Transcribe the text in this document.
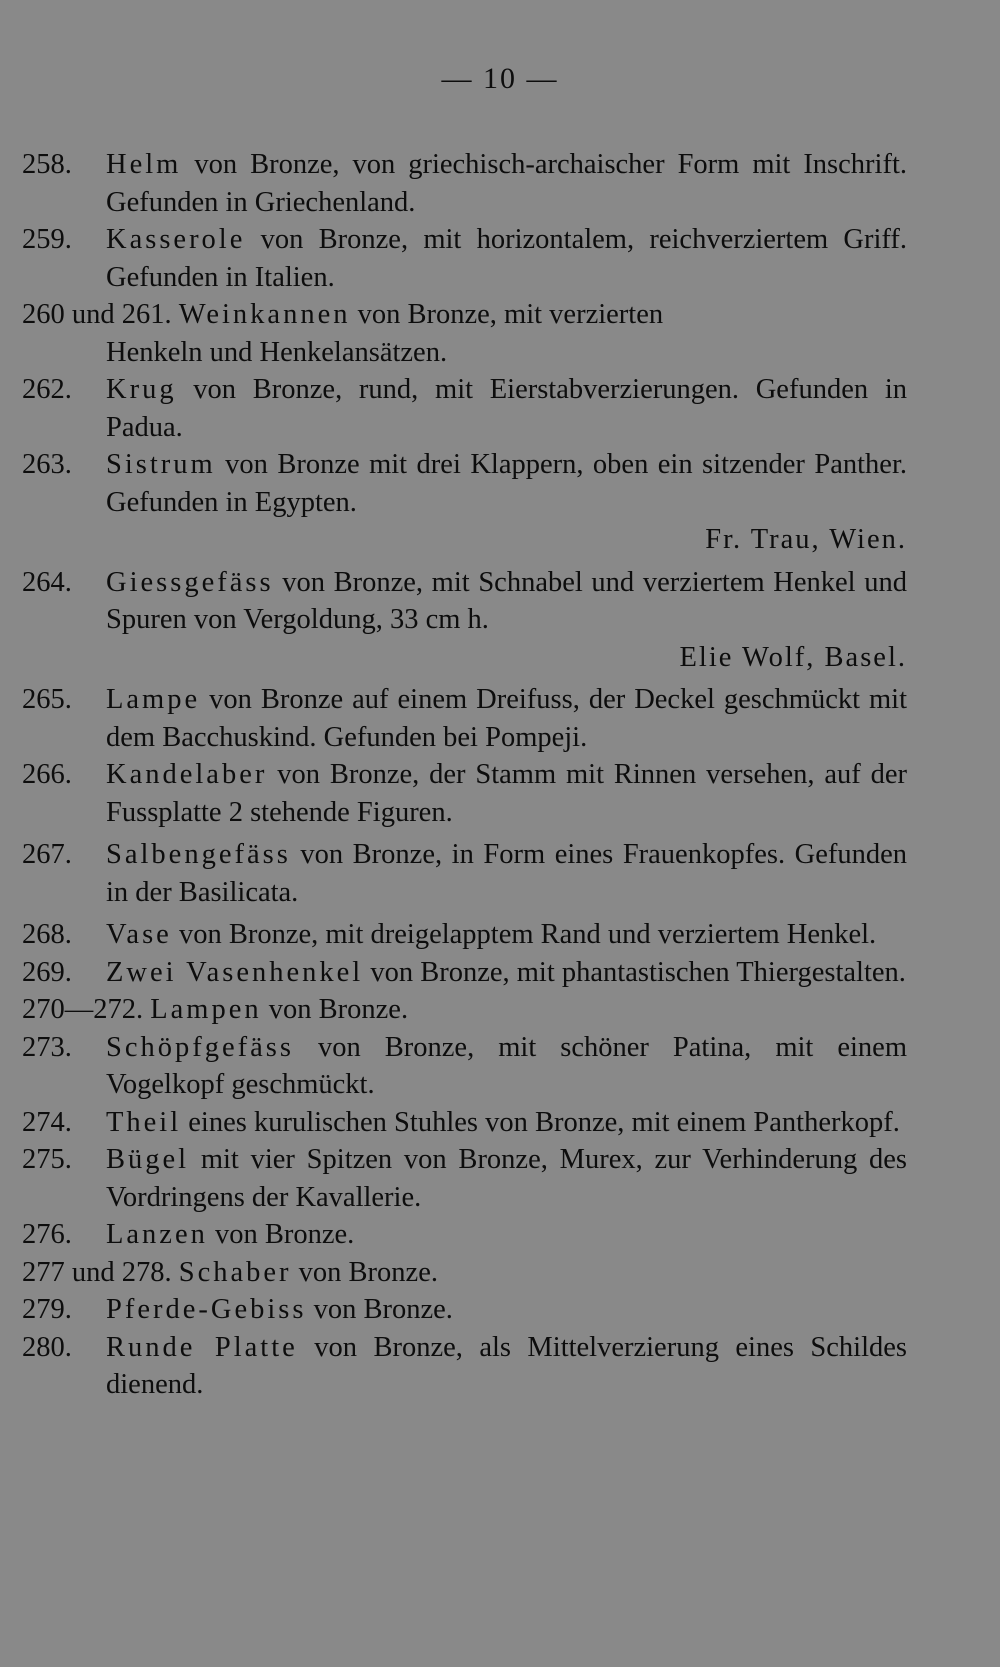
— 10 —
258. Helm von Bronze, von griechisch-archaischer Form mit Inschrift. Gefunden in Griechenland.
259. Kasserole von Bronze, mit horizontalem, reichverziertem Griff. Gefunden in Italien.
260 und 261. Weinkannen von Bronze, mit verzierten
Henkeln und Henkelansätzen.
262. Krug von Bronze, rund, mit Eierstabverzierungen. Gefunden in Padua.
263. Sistrum von Bronze mit drei Klappern, oben ein sitzender Panther. Gefunden in Egypten.
Fr. Trau, Wien.
264. Giessgefäss von Bronze, mit Schnabel und verziertem Henkel und Spuren von Vergoldung, 33 cm h.
Elie Wolf, Basel.
265. Lampe von Bronze auf einem Dreifuss, der Deckel geschmückt mit dem Bacchuskind. Gefunden bei Pompeji.
266. Kandelaber von Bronze, der Stamm mit Rinnen versehen, auf der Fussplatte 2 stehende Figuren.
267. Salbengefäss von Bronze, in Form eines Frauenkopfes. Gefunden in der Basilicata.
268. Vase von Bronze, mit dreigelapptem Rand und verziertem Henkel.
269. Zwei Vasenhenkel von Bronze, mit phantastischen Thiergestalten.
270—272. Lampen von Bronze.
273. Schöpfgefäss von Bronze, mit schöner Patina, mit einem Vogelkopf geschmückt.
274. Theil eines kurulischen Stuhles von Bronze, mit einem Pantherkopf.
275. Bügel mit vier Spitzen von Bronze, Murex, zur Verhinderung des Vordringens der Kavallerie.
276. Lanzen von Bronze.
277 und 278. Schaber von Bronze.
279. Pferde-Gebiss von Bronze.
280. Runde Platte von Bronze, als Mittelverzierung eines Schildes dienend.
